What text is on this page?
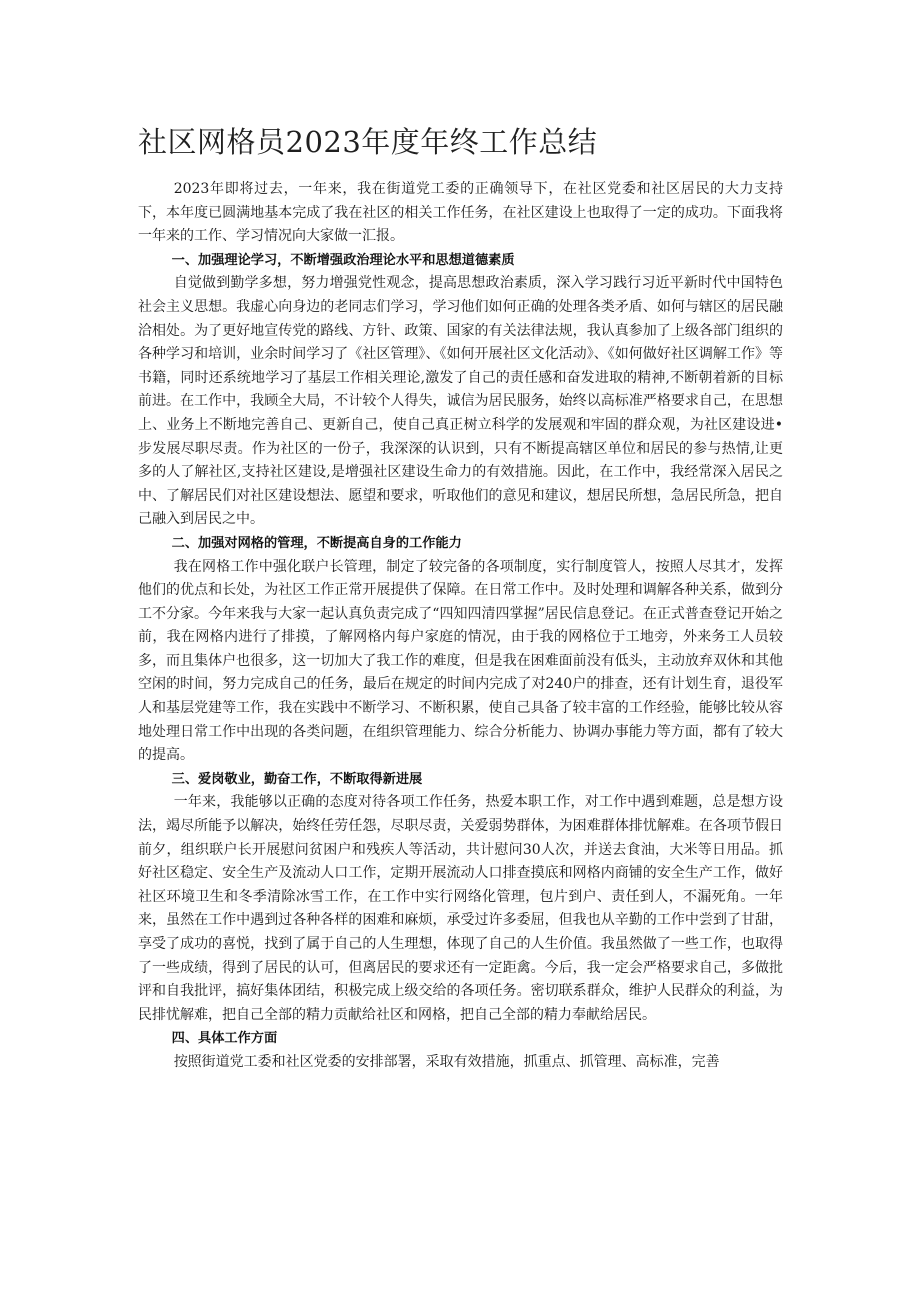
社区网格员2023年度年终工作总结

2023年即将过去，一年来，我在街道党工委的正确领导下，在社区党委和社区居民的大力支持下，本年度已圆满地基本完成了我在社区的相关工作任务，在社区建设上也取得了一定的成功。下面我将一年来的工作、学习情况向大家做一汇报。

一、加强理论学习，不断增强政治理论水平和思想道德素质

自觉做到勤学多想，努力增强党性观念，提高思想政治素质，深入学习践行习近平新时代中国特色社会主义思想。我虚心向身边的老同志们学习，学习他们如何正确的处理各类矛盾、如何与辖区的居民融洽相处。为了更好地宣传党的路线、方针、政策、国家的有关法律法规，我认真参加了上级各部门组织的各种学习和培训，业余时间学习了《社区管理》、《如何开展社区文化活动》、《如何做好社区调解工作》等书籍，同时还系统地学习了基层工作相关理论,激发了自己的责任感和奋发进取的精神,不断朝着新的目标前进。在工作中，我顾全大局，不计较个人得失，诚信为居民服务，始终以高标准严格要求自己，在思想上、业务上不断地完善自己、更新自己，使自己真正树立科学的发展观和牢固的群众观，为社区建设进•步发展尽职尽责。作为社区的一份子，我深深的认识到，只有不断提高辖区单位和居民的参与热情,让更多的人了解社区,支持社区建设,是增强社区建设生命力的有效措施。因此，在工作中，我经常深入居民之中、了解居民们对社区建设想法、愿望和要求，听取他们的意见和建议，想居民所想，急居民所急，把自己融入到居民之中。

二、加强对网格的管理，不断提高自身的工作能力

我在网格工作中强化联户长管理，制定了较完备的各项制度，实行制度管人，按照人尽其才，发挥他们的优点和长处，为社区工作正常开展提供了保障。在日常工作中。及时处理和调解各种关系，做到分工不分家。今年来我与大家一起认真负责完成了“四知四清四掌握”居民信息登记。在正式普查登记开始之前，我在网格内进行了排摸，了解网格内每户家庭的情况，由于我的网格位于工地旁，外来务工人员较多，而且集体户也很多，这一切加大了我工作的难度，但是我在困难面前没有低头，主动放弃双休和其他空闲的时间，努力完成自己的任务，最后在规定的时间内完成了对240户的排查，还有计划生育，退役军人和基层党建等工作，我在实践中不断学习、不断积累，使自己具备了较丰富的工作经验，能够比较从容地处理日常工作中出现的各类问题，在组织管理能力、综合分析能力、协调办事能力等方面，都有了较大的提高。

三、爱岗敬业，勤奋工作，不断取得新进展

一年来，我能够以正确的态度对待各项工作任务，热爱本职工作，对工作中遇到难题，总是想方设法，竭尽所能予以解决，始终任劳任怨，尽职尽责，关爱弱势群体，为困难群体排忧解难。在各项节假日前夕，组织联户长开展慰问贫困户和残疾人等活动，共计慰问30人次，并送去食油，大米等日用品。抓好社区稳定、安全生产及流动人口工作，定期开展流动人口排查摸底和网格内商铺的安全生产工作，做好社区环境卫生和冬季清除冰雪工作，在工作中实行网络化管理，包片到户、责任到人，不漏死角。一年来，虽然在工作中遇到过各种各样的困难和麻烦，承受过许多委屈，但我也从辛勤的工作中尝到了甘甜，享受了成功的喜悦，找到了属于自己的人生理想，体现了自己的人生价值。我虽然做了一些工作，也取得了一些成绩，得到了居民的认可，但离居民的要求还有一定距禽。今后，我一定会严格要求自己，多做批评和自我批评，搞好集体团结，积极完成上级交给的各项任务。密切联系群众，维护人民群众的利益，为民排忧解难，把自己全部的精力贡献给社区和网格，把自己全部的精力奉献给居民。

四、具体工作方面

按照街道党工委和社区党委的安排部署，采取有效措施，抓重点、抓管理、高标准，完善
